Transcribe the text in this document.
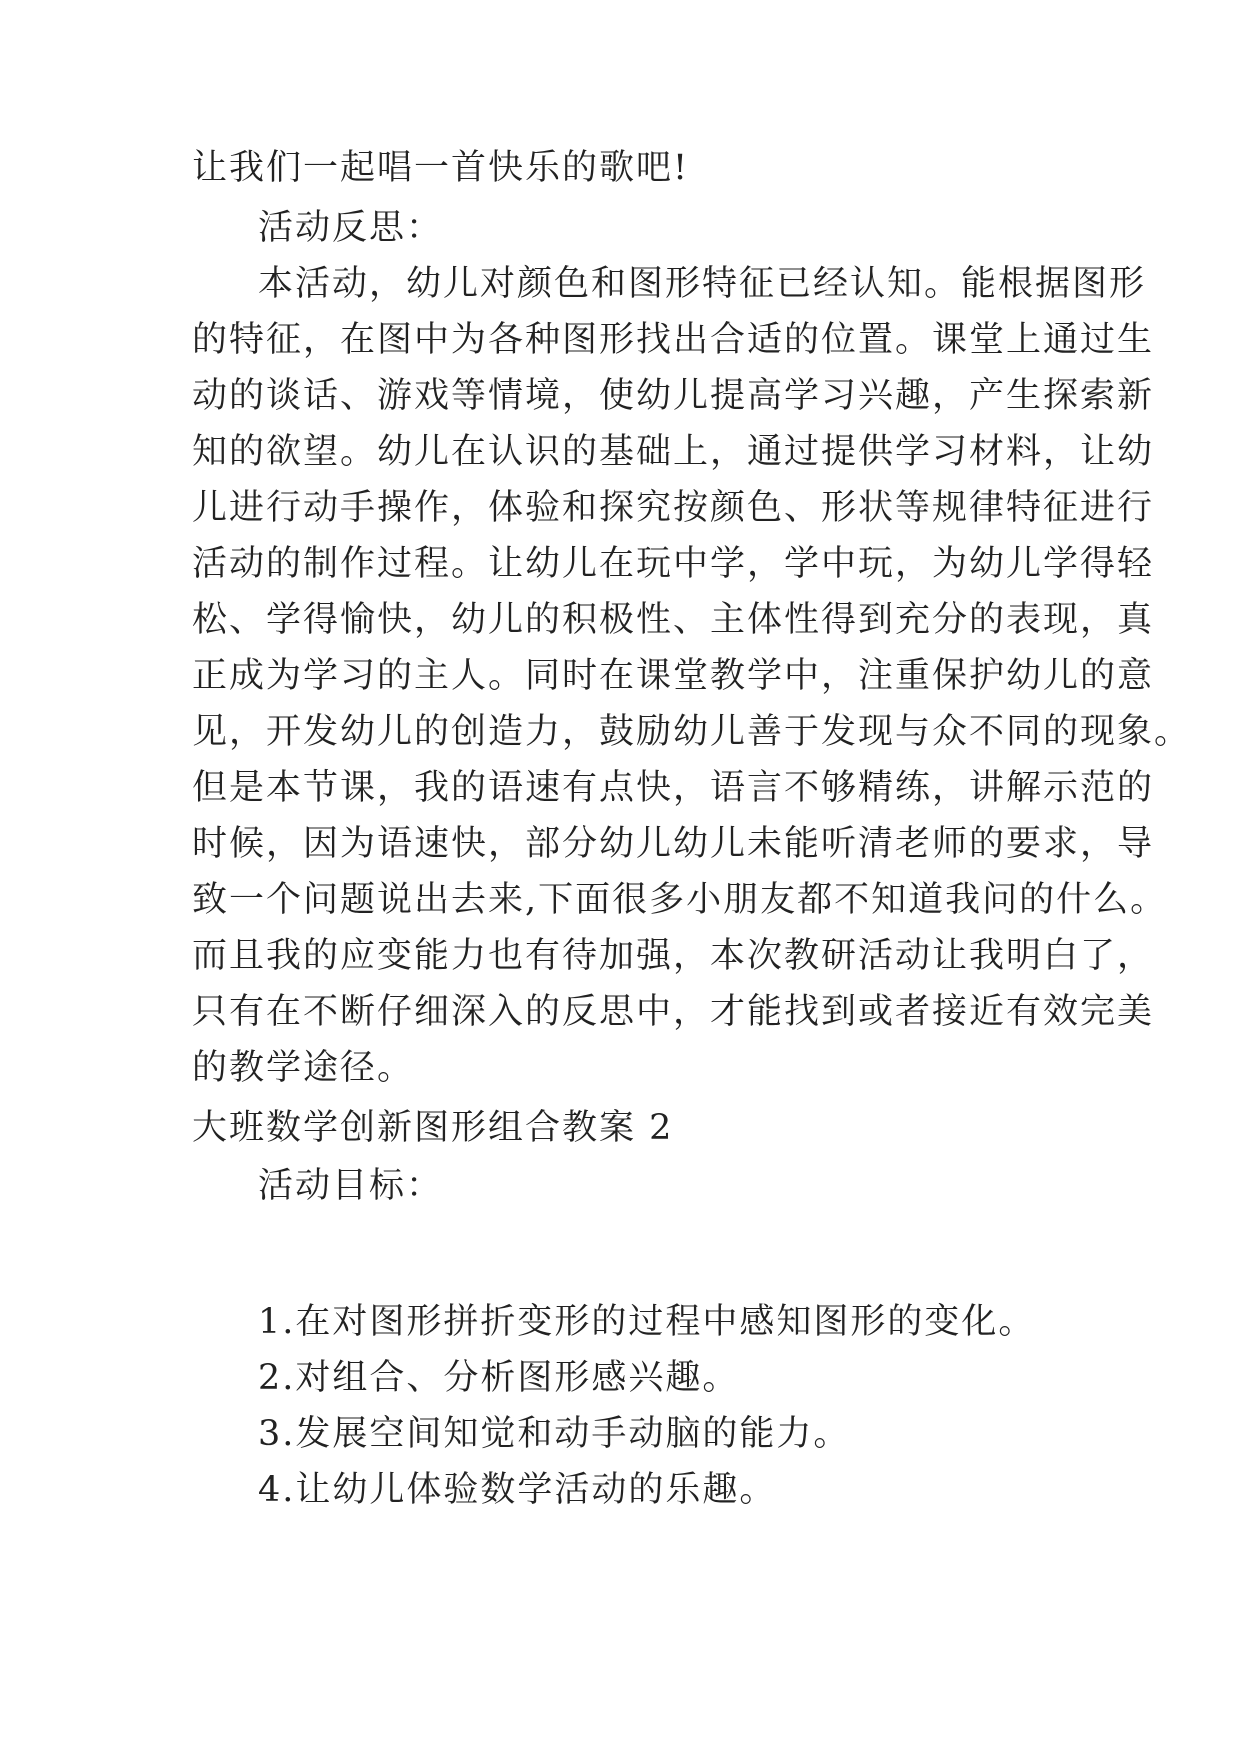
让我们一起唱一首快乐的歌吧!
活动反思：
本活动，幼儿对颜色和图形特征已经认知。能根据图形
的特征，在图中为各种图形找出合适的位置。课堂上通过生
动的谈话、游戏等情境，使幼儿提高学习兴趣，产生探索新
知的欲望。幼儿在认识的基础上，通过提供学习材料，让幼
儿进行动手操作，体验和探究按颜色、形状等规律特征进行
活动的制作过程。让幼儿在玩中学，学中玩，为幼儿学得轻
松、学得愉快，幼儿的积极性、主体性得到充分的表现，真
正成为学习的主人。同时在课堂教学中，注重保护幼儿的意
见，开发幼儿的创造力，鼓励幼儿善于发现与众不同的现象。
但是本节课，我的语速有点快，语言不够精练，讲解示范的
时候，因为语速快，部分幼儿幼儿未能听清老师的要求，导
致一个问题说出去来,下面很多小朋友都不知道我问的什么。
而且我的应变能力也有待加强，本次教研活动让我明白了，
只有在不断仔细深入的反思中，才能找到或者接近有效完美
的教学途径。
大班数学创新图形组合教案 2
活动目标：
1.在对图形拼折变形的过程中感知图形的变化。
2.对组合、分析图形感兴趣。
3.发展空间知觉和动手动脑的能力。
4.让幼儿体验数学活动的乐趣。
